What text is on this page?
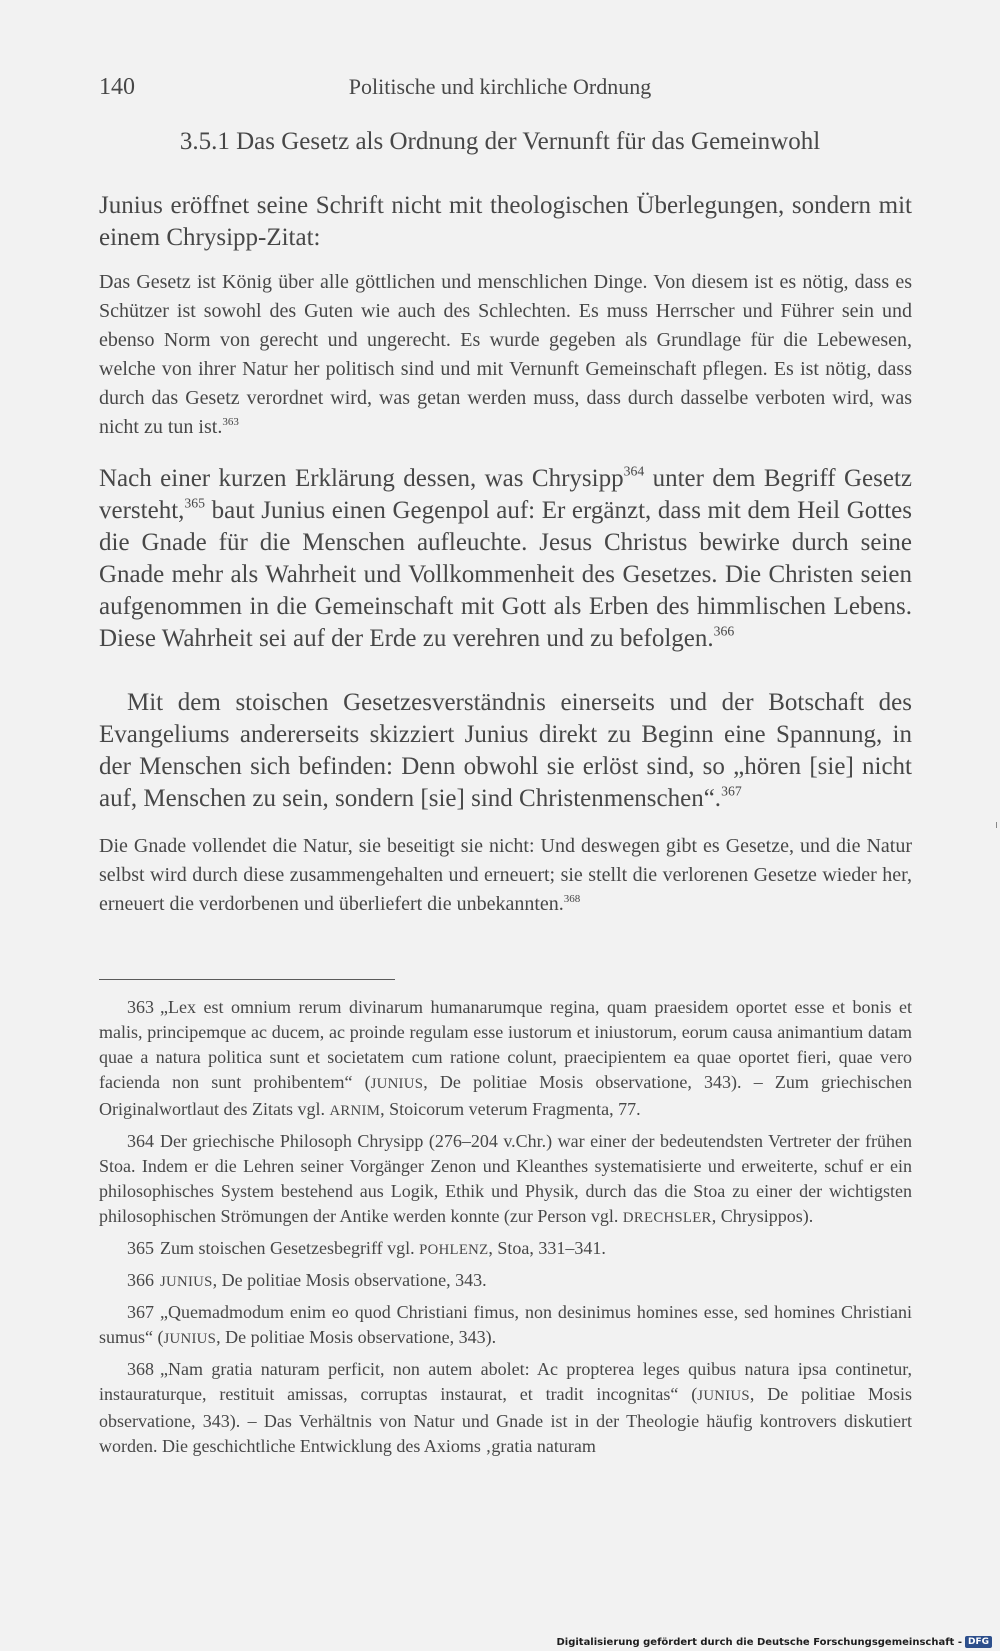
140	Politische und kirchliche Ordnung
3.5.1 Das Gesetz als Ordnung der Vernunft für das Gemeinwohl

Junius eröffnet seine Schrift nicht mit theologischen Überlegungen, sondern mit einem Chrysipp-Zitat:

Das Gesetz ist König über alle göttlichen und menschlichen Dinge. Von diesem ist es nötig, dass es Schützer ist sowohl des Guten wie auch des Schlechten. Es muss Herrscher und Führer sein und ebenso Norm von gerecht und ungerecht. Es wurde gegeben als Grundlage für die Lebewesen, welche von ihrer Natur her politisch sind und mit Vernunft Gemeinschaft pflegen. Es ist nötig, dass durch das Gesetz verordnet wird, was getan werden muss, dass durch dasselbe verboten wird, was nicht zu tun ist.$^{363}$

Nach einer kurzen Erklärung dessen, was Chrysipp$^{364}$ unter dem Begriff Gesetz versteht,$^{365}$ baut Junius einen Gegenpol auf: Er ergänzt, dass mit dem Heil Gottes die Gnade für die Menschen aufleuchte. Jesus Christus bewirke durch seine Gnade mehr als Wahrheit und Vollkommenheit des Gesetzes. Die Christen seien aufgenommen in die Gemeinschaft mit Gott als Erben des himmlischen Lebens. Diese Wahrheit sei auf der Erde zu verehren und zu befolgen.$^{366}$

Mit dem stoischen Gesetzesverständnis einerseits und der Botschaft des Evangeliums andererseits skizziert Junius direkt zu Beginn eine Spannung, in der Menschen sich befinden: Denn obwohl sie erlöst sind, so „hören [sie] nicht auf, Menschen zu sein, sondern [sie] sind Christenmenschen“.$^{367}$

Die Gnade vollendet die Natur, sie beseitigt sie nicht: Und deswegen gibt es Gesetze, und die Natur selbst wird durch diese zusammengehalten und erneuert; sie stellt die verlorenen Gesetze wieder her, erneuert die verdorbenen und überliefert die unbekannten.$^{368}$

363 „Lex est omnium rerum divinarum humanarumque regina, quam praesidem oportet esse et bonis et malis, principemque ac ducem, ac proinde regulam esse iustorum et iniustorum, eorum causa animantium datam quae a natura politica sunt et societatem cum ratione colunt, praecipientem ea quae oportet fieri, quae vero facienda non sunt prohibentem“ (JUNIUS, De politiae Mosis observatione, 343). – Zum griechischen Originalwortlaut des Zitats vgl. ARNIM, Stoicorum veterum Fragmenta, 77.

364 Der griechische Philosoph Chrysipp (276–204 v.Chr.) war einer der bedeutendsten Vertreter der frühen Stoa. Indem er die Lehren seiner Vorgänger Zenon und Kleanthes systematisierte und erweiterte, schuf er ein philosophisches System bestehend aus Logik, Ethik und Physik, durch das die Stoa zu einer der wichtigsten philosophischen Strömungen der Antike werden konnte (zur Person vgl. DRECHSLER, Chrysippos).

365 Zum stoischen Gesetzesbegriff vgl. POHLENZ, Stoa, 331–341.

366 JUNIUS, De politiae Mosis observatione, 343.

367 „Quemadmodum enim eo quod Christiani fimus, non desinimus homines esse, sed homines Christiani sumus“ (JUNIUS, De politiae Mosis observatione, 343).

368 „Nam gratia naturam perficit, non autem abolet: Ac propterea leges quibus natura ipsa continetur, instauraturque, restituit amissas, corruptas instaurat, et tradit incognitas“ (JUNIUS, De politiae Mosis observatione, 343). – Das Verhältnis von Natur und Gnade ist in der Theologie häufig kontrovers diskutiert worden. Die geschichtliche Entwicklung des Axioms ‚gratia naturam

Digitalisierung gefördert durch die Deutsche Forschungsgemeinschaft - DFG
